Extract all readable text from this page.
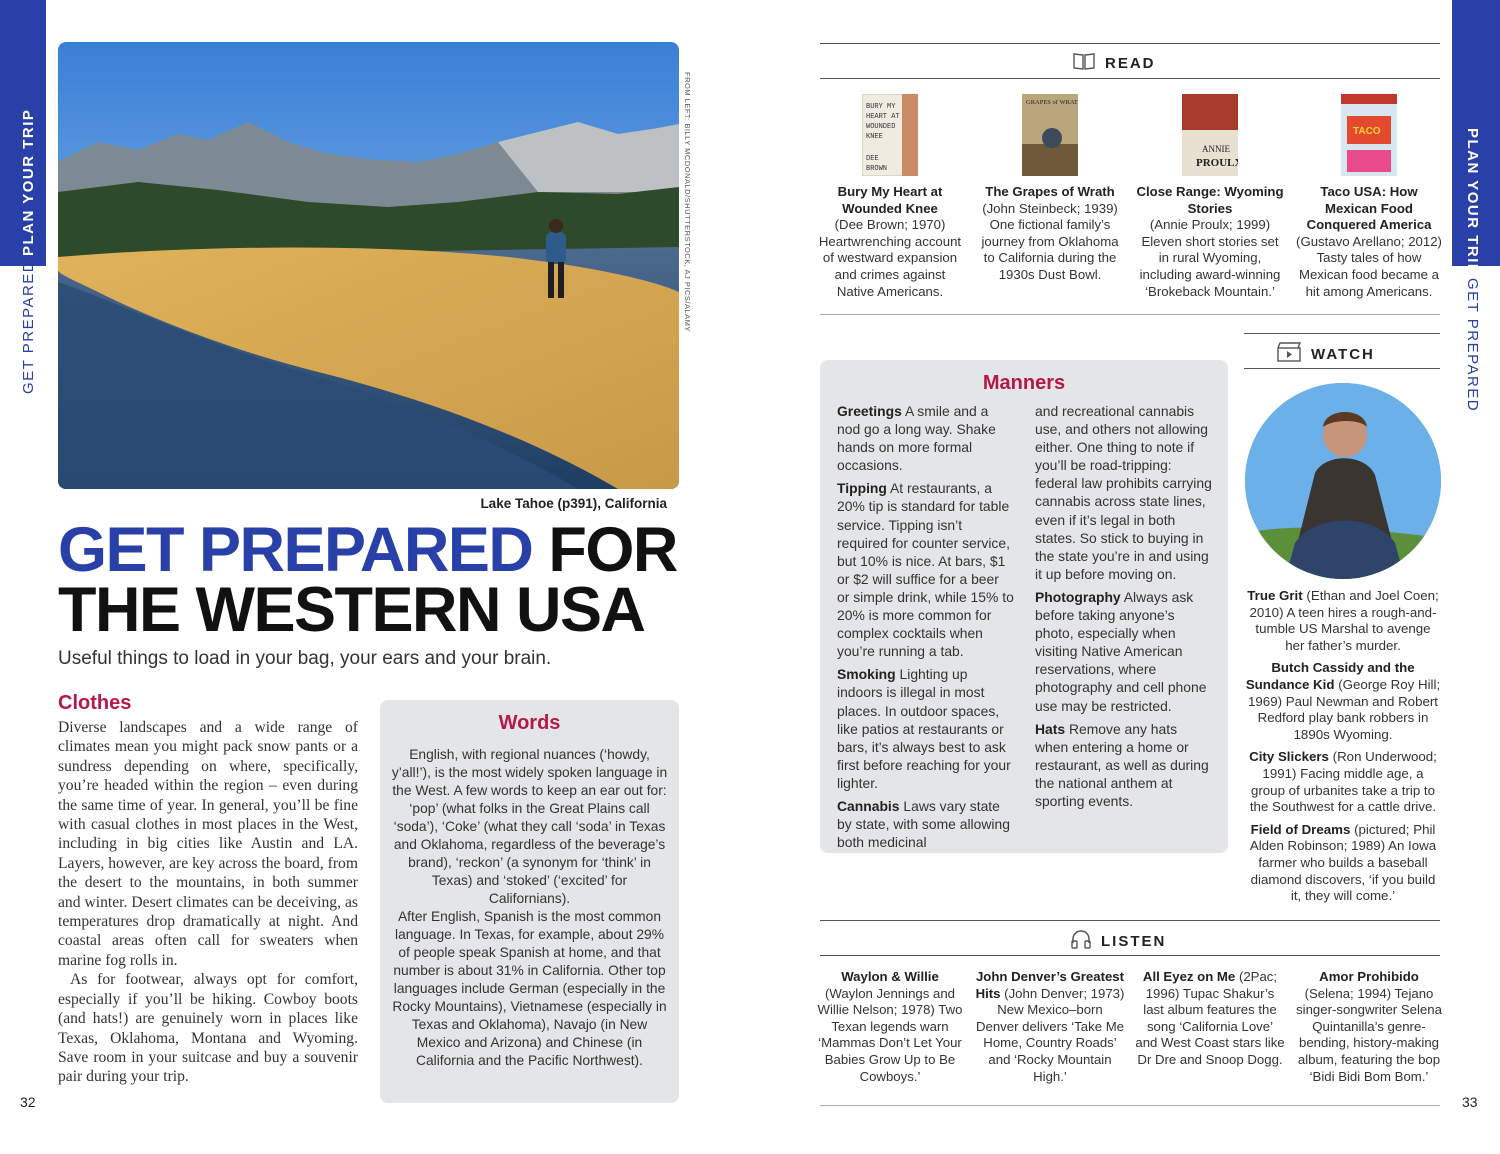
PLAN YOUR TRIP
GET PREPARED
PLAN YOUR TRIP
GET PREPARED
FROM LEFT: BILLY MCDONALD/SHUTTERSTOCK, AJ PICS/ALAMY
Lake Tahoe (p391), California
GET PREPARED FOR
THE WESTERN USA
Useful things to load in your bag, your ears and your brain.
Clothes

Diverse landscapes and a wide range of climates mean you might pack snow pants or a sundress depending on where, specifically, you’re headed within the region – even during the same time of year. In general, you’ll be fine with casual clothes in most places in the West, including in big cities like Austin and LA. Layers, however, are key across the board, from the desert to the mountains, in both summer and winter. Desert climates can be deceiving, as temperatures drop dramatically at night. And coastal areas often call for sweaters when marine fog rolls in.

As for footwear, always opt for comfort, especially if you’ll be hiking. Cowboy boots (and hats!) are genuinely worn in places like Texas, Oklahoma, Montana and Wyoming. Save room in your suitcase and buy a souvenir pair during your trip.

Words

English, with regional nuances (‘howdy, y’all!’), is the most widely spoken language in the West. A few words to keep an ear out for: ‘pop’ (what folks in the Great Plains call ‘soda’), ‘Coke’ (what they call ‘soda’ in Texas and Oklahoma, regardless of the beverage’s brand), ‘reckon’ (a synonym for ‘think’ in Texas) and ‘stoked’ (‘excited’ for Californians).

After English, Spanish is the most common language. In Texas, for example, about 29% of people speak Spanish at home, and that number is about 31% in California. Other top languages include German (especially in the Rocky Mountains), Vietnamese (especially in Texas and Oklahoma), Navajo (in New Mexico and Arizona) and Chinese (in California and the Pacific Northwest).

32	33
READ
BURY MY
HEART AT
WOUNDED
KNEE
DEE
BROWN
Bury My Heart at Wounded Knee
(Dee Brown; 1970) Heartwrenching account of westward expansion and crimes against Native Americans.
GRAPES of WRATH
The Grapes of Wrath
(John Steinbeck; 1939) One fictional family’s journey from Oklahoma to California during the 1930s Dust Bowl.
ANNIE
PROULX
Close Range: Wyoming Stories
(Annie Proulx; 1999) Eleven short stories set in rural Wyoming, including award-winning ‘Brokeback Mountain.’
TACO
Taco USA: How Mexican Food Conquered America
(Gustavo Arellano; 2012) Tasty tales of how Mexican food became a hit among Americans.
Manners

Greetings A smile and a nod go a long way. Shake hands on more formal occasions.

Tipping At restaurants, a 20% tip is standard for table service. Tipping isn’t required for counter service, but 10% is nice. At bars, $1 or $2 will suffice for a beer or simple drink, while 15% to 20% is more common for complex cocktails when you’re running a tab.

Smoking Lighting up indoors is illegal in most places. In outdoor spaces, like patios at restaurants or bars, it’s always best to ask first before reaching for your lighter.

Cannabis Laws vary state by state, with some allowing both medicinal

and recreational cannabis use, and others not allowing either. One thing to note if you’ll be road-tripping: federal law prohibits carrying cannabis across state lines, even if it’s legal in both states. So stick to buying in the state you’re in and using it up before moving on.

Photography Always ask before taking anyone’s photo, especially when visiting Native American reservations, where photography and cell phone use may be restricted.

Hats Remove any hats when entering a home or restaurant, as well as during the national anthem at sporting events.

WATCH

True Grit (Ethan and Joel Coen; 2010) A teen hires a rough-and-tumble US Marshal to avenge her father’s murder.

Butch Cassidy and the Sundance Kid (George Roy Hill; 1969) Paul Newman and Robert Redford play bank robbers in 1890s Wyoming.

City Slickers (Ron Underwood; 1991) Facing middle age, a group of urbanites take a trip to the Southwest for a cattle drive.

Field of Dreams (pictured; Phil Alden Robinson; 1989) An Iowa farmer who builds a baseball diamond discovers, ‘if you build it, they will come.’

LISTEN
Waylon & Willie
(Waylon Jennings and Willie Nelson; 1978) Two Texan legends warn ‘Mammas Don’t Let Your Babies Grow Up to Be Cowboys.’
John Denver’s Greatest Hits (John Denver; 1973) New Mexico–born Denver delivers ‘Take Me Home, Country Roads’ and ‘Rocky Mountain High.’
All Eyez on Me (2Pac; 1996) Tupac Shakur’s last album features the song ‘California Love’ and West Coast stars like Dr Dre and Snoop Dogg.
Amor Prohibido
(Selena; 1994) Tejano singer-songwriter Selena Quintanilla’s genre-bending, history-making album, featuring the bop ‘Bidi Bidi Bom Bom.’
